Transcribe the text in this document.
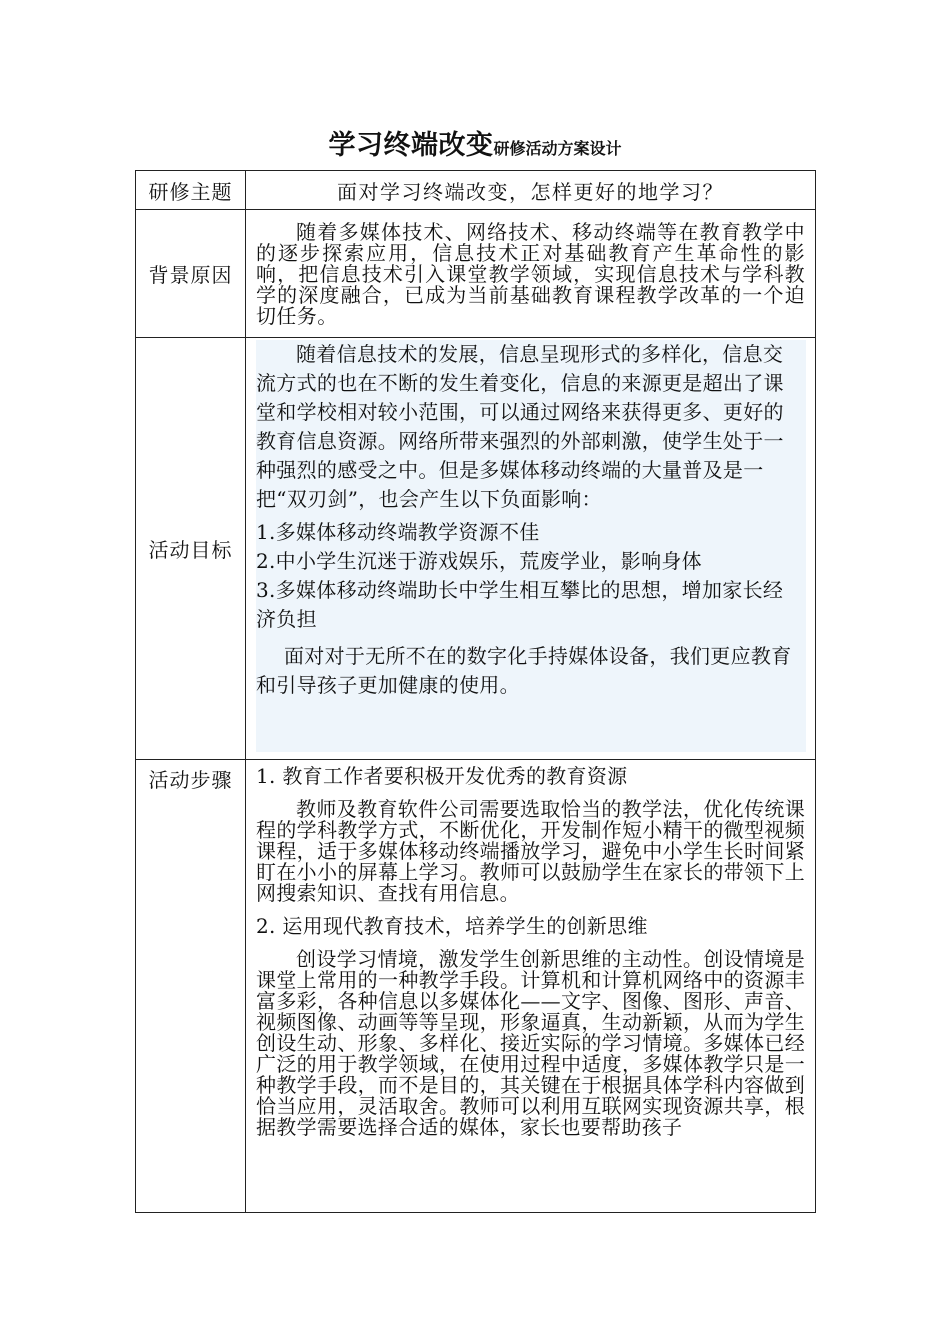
学习终端改变研修活动方案设计
研修主题	面对学习终端改变，怎样更好的地学习？

背景原因	随着多媒体技术、网络技术、移动终端等在教育教学中的逐步探索应用，信息技术正对基础教育产生革命性的影响，把信息技术引入课堂教学领域，实现信息技术与学科教学的深度融合，已成为当前基础教育课程教学改革的一个迫切任务。

活动目标	随着信息技术的发展，信息呈现形式的多样化，信息交流方式的也在不断的发生着变化，信息的来源更是超出了课堂和学校相对较小范围，可以通过网络来获得更多、更好的教育信息资源。网络所带来强烈的外部刺激，使学生处于一种强烈的感受之中。但是多媒体移动终端的大量普及是一把“双刃剑”，也会产生以下负面影响：

1.多媒体移动终端教学资源不佳

2.中小学生沉迷于游戏娱乐，荒废学业，影响身体

3.多媒体移动终端助长中学生相互攀比的思想，增加家长经济负担

面对对于无所不在的数字化手持媒体设备，我们更应教育和引导孩子更加健康的使用。

活动步骤	1. 教育工作者要积极开发优秀的教育资源

教师及教育软件公司需要选取恰当的教学法，优化传统课程的学科教学方式，不断优化，开发制作短小精干的微型视频课程，适于多媒体移动终端播放学习，避免中小学生长时间紧盯在小小的屏幕上学习。教师可以鼓励学生在家长的带领下上网搜索知识、查找有用信息。

2. 运用现代教育技术，培养学生的创新思维

创设学习情境，激发学生创新思维的主动性。创设情境是课堂上常用的一种教学手段。计算机和计算机网络中的资源丰富多彩，各种信息以多媒体化——文字、图像、图形、声音、视频图像、动画等等呈现，形象逼真，生动新颖，从而为学生创设生动、形象、多样化、接近实际的学习情境。多媒体已经广泛的用于教学领域，在使用过程中适度，多媒体教学只是一种教学手段，而不是目的，其关键在于根据具体学科内容做到恰当应用，灵活取舍。教师可以利用互联网实现资源共享，根据教学需要选择合适的媒体，家长也要帮助孩子
